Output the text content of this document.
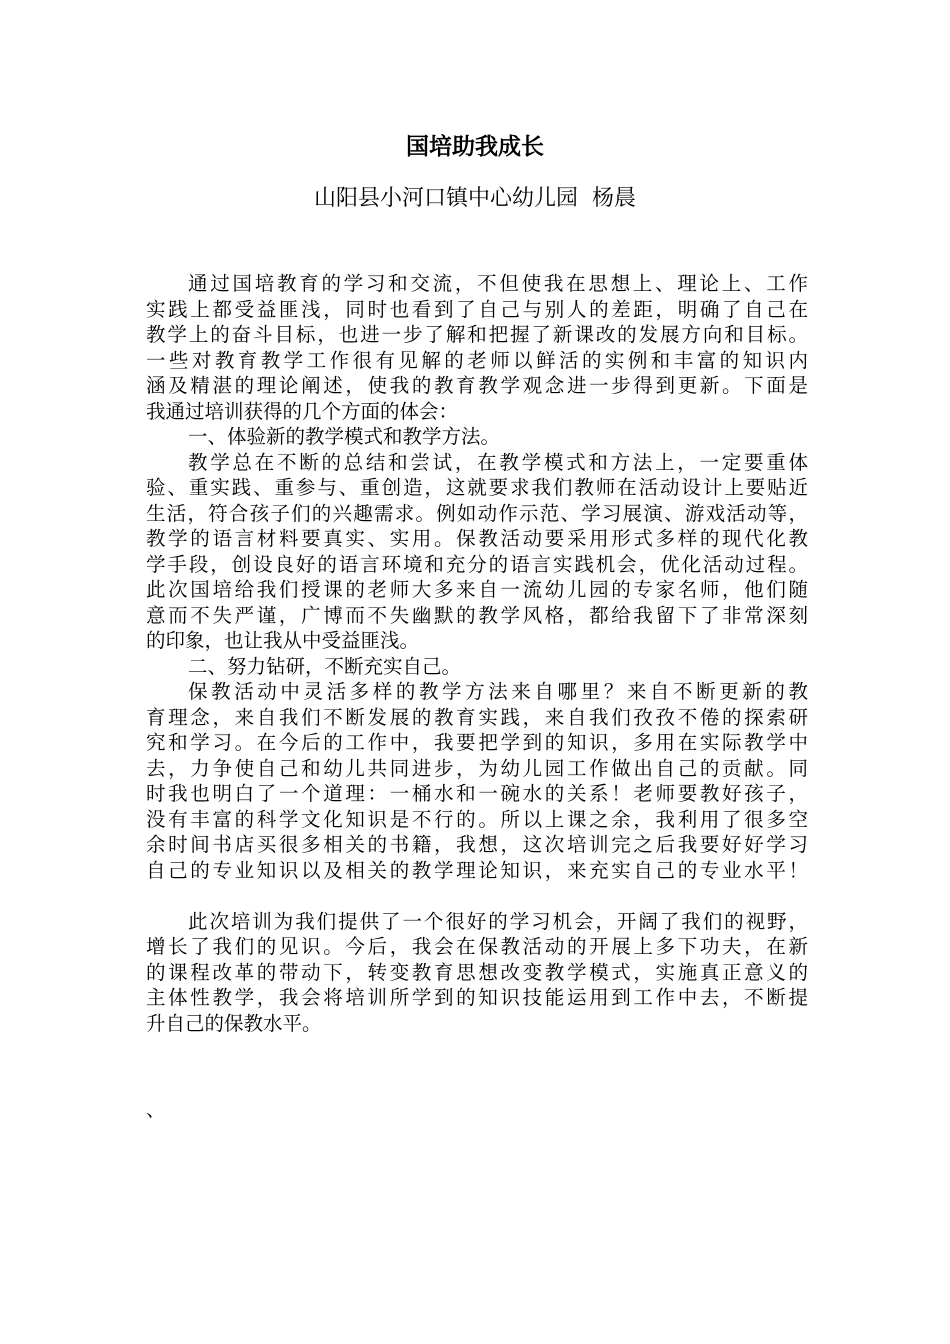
国培助我成长
山阳县小河口镇中心幼儿园  杨晨
通过国培教育的学习和交流，不但使我在思想上、理论上、工作
实践上都受益匪浅，同时也看到了自己与别人的差距，明确了自己在
教学上的奋斗目标，也进一步了解和把握了新课改的发展方向和目标。
一些对教育教学工作很有见解的老师以鲜活的实例和丰富的知识内
涵及精湛的理论阐述，使我的教育教学观念进一步得到更新。下面是
我通过培训获得的几个方面的体会：
一、体验新的教学模式和教学方法。
教学总在不断的总结和尝试，在教学模式和方法上，一定要重体
验、重实践、重参与、重创造，这就要求我们教师在活动设计上要贴近
生活，符合孩子们的兴趣需求。例如动作示范、学习展演、游戏活动等，
教学的语言材料要真实、实用。保教活动要采用形式多样的现代化教
学手段，创设良好的语言环境和充分的语言实践机会，优化活动过程。
此次国培给我们授课的老师大多来自一流幼儿园的专家名师，他们随
意而不失严谨，广博而不失幽默的教学风格，都给我留下了非常深刻
的印象，也让我从中受益匪浅。
二、努力钻研，不断充实自己。
保教活动中灵活多样的教学方法来自哪里？来自不断更新的教
育理念，来自我们不断发展的教育实践，来自我们孜孜不倦的探索研
究和学习。在今后的工作中，我要把学到的知识，多用在实际教学中
去，力争使自己和幼儿共同进步，为幼儿园工作做出自己的贡献。同
时我也明白了一个道理：一桶水和一碗水的关系！老师要教好孩子，
没有丰富的科学文化知识是不行的。所以上课之余，我利用了很多空
余时间书店买很多相关的书籍，我想，这次培训完之后我要好好学习
自己的专业知识以及相关的教学理论知识，来充实自己的专业水平！
此次培训为我们提供了一个很好的学习机会，开阔了我们的视野，
增长了我们的见识。今后，我会在保教活动的开展上多下功夫，在新
的课程改革的带动下，转变教育思想改变教学模式，实施真正意义的
主体性教学，我会将培训所学到的知识技能运用到工作中去，不断提
升自己的保教水平。
、
